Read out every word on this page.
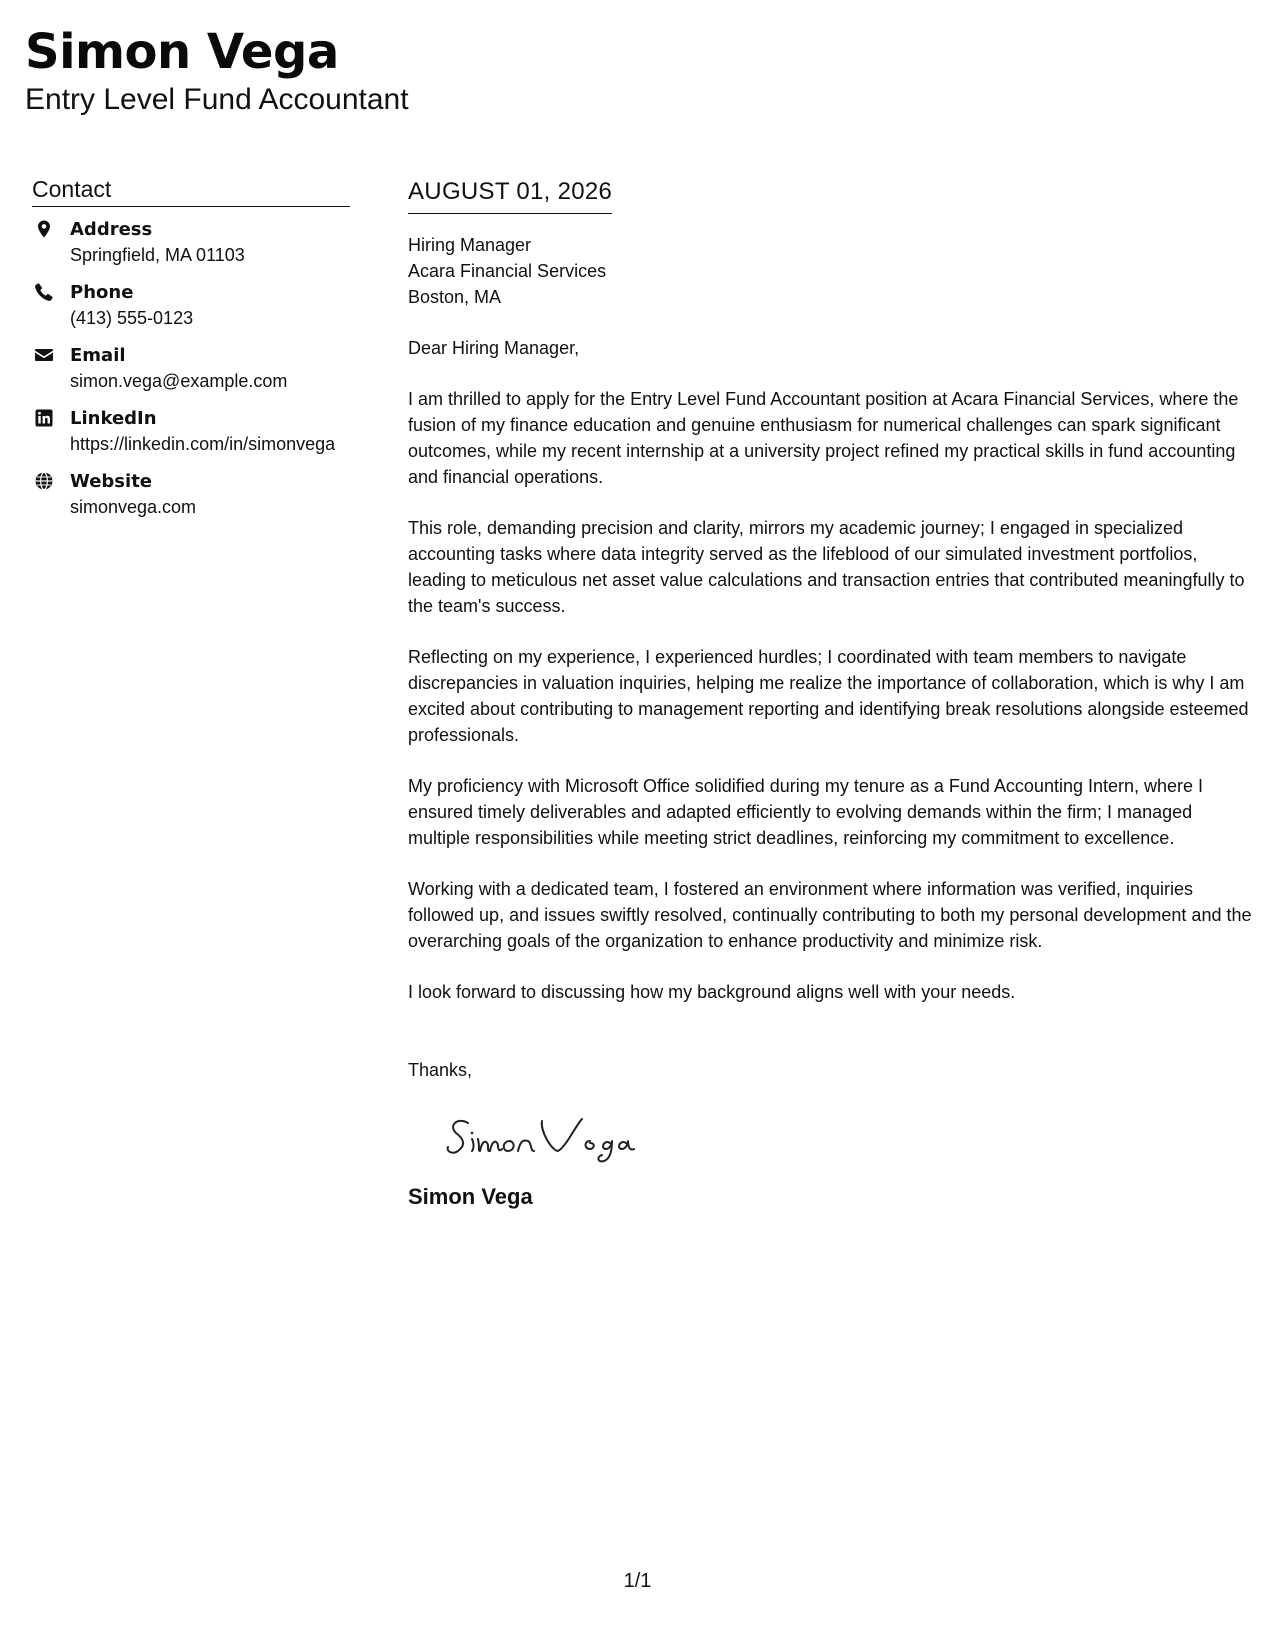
Simon Vega
Entry Level Fund Accountant
Contact
Address
Springfield, MA 01103
Phone
(413) 555-0123
Email
simon.vega@example.com
LinkedIn
https://linkedin.com/in/simonvega
Website
simonvega.com
AUGUST 01, 2026
Hiring Manager
Acara Financial Services
Boston, MA
Dear Hiring Manager,
I am thrilled to apply for the Entry Level Fund Accountant position at Acara Financial Services, where the fusion of my finance education and genuine enthusiasm for numerical challenges can spark significant outcomes, while my recent internship at a university project refined my practical skills in fund accounting and financial operations.
This role, demanding precision and clarity, mirrors my academic journey; I engaged in specialized accounting tasks where data integrity served as the lifeblood of our simulated investment portfolios, leading to meticulous net asset value calculations and transaction entries that contributed meaningfully to the team's success.
Reflecting on my experience, I experienced hurdles; I coordinated with team members to navigate discrepancies in valuation inquiries, helping me realize the importance of collaboration, which is why I am excited about contributing to management reporting and identifying break resolutions alongside esteemed professionals.
My proficiency with Microsoft Office solidified during my tenure as a Fund Accounting Intern, where I ensured timely deliverables and adapted efficiently to evolving demands within the firm; I managed multiple responsibilities while meeting strict deadlines, reinforcing my commitment to excellence.
Working with a dedicated team, I fostered an environment where information was verified, inquiries followed up, and issues swiftly resolved, continually contributing to both my personal development and the overarching goals of the organization to enhance productivity and minimize risk.
I look forward to discussing how my background aligns well with your needs.
Thanks,
Simon Vega
1/1
